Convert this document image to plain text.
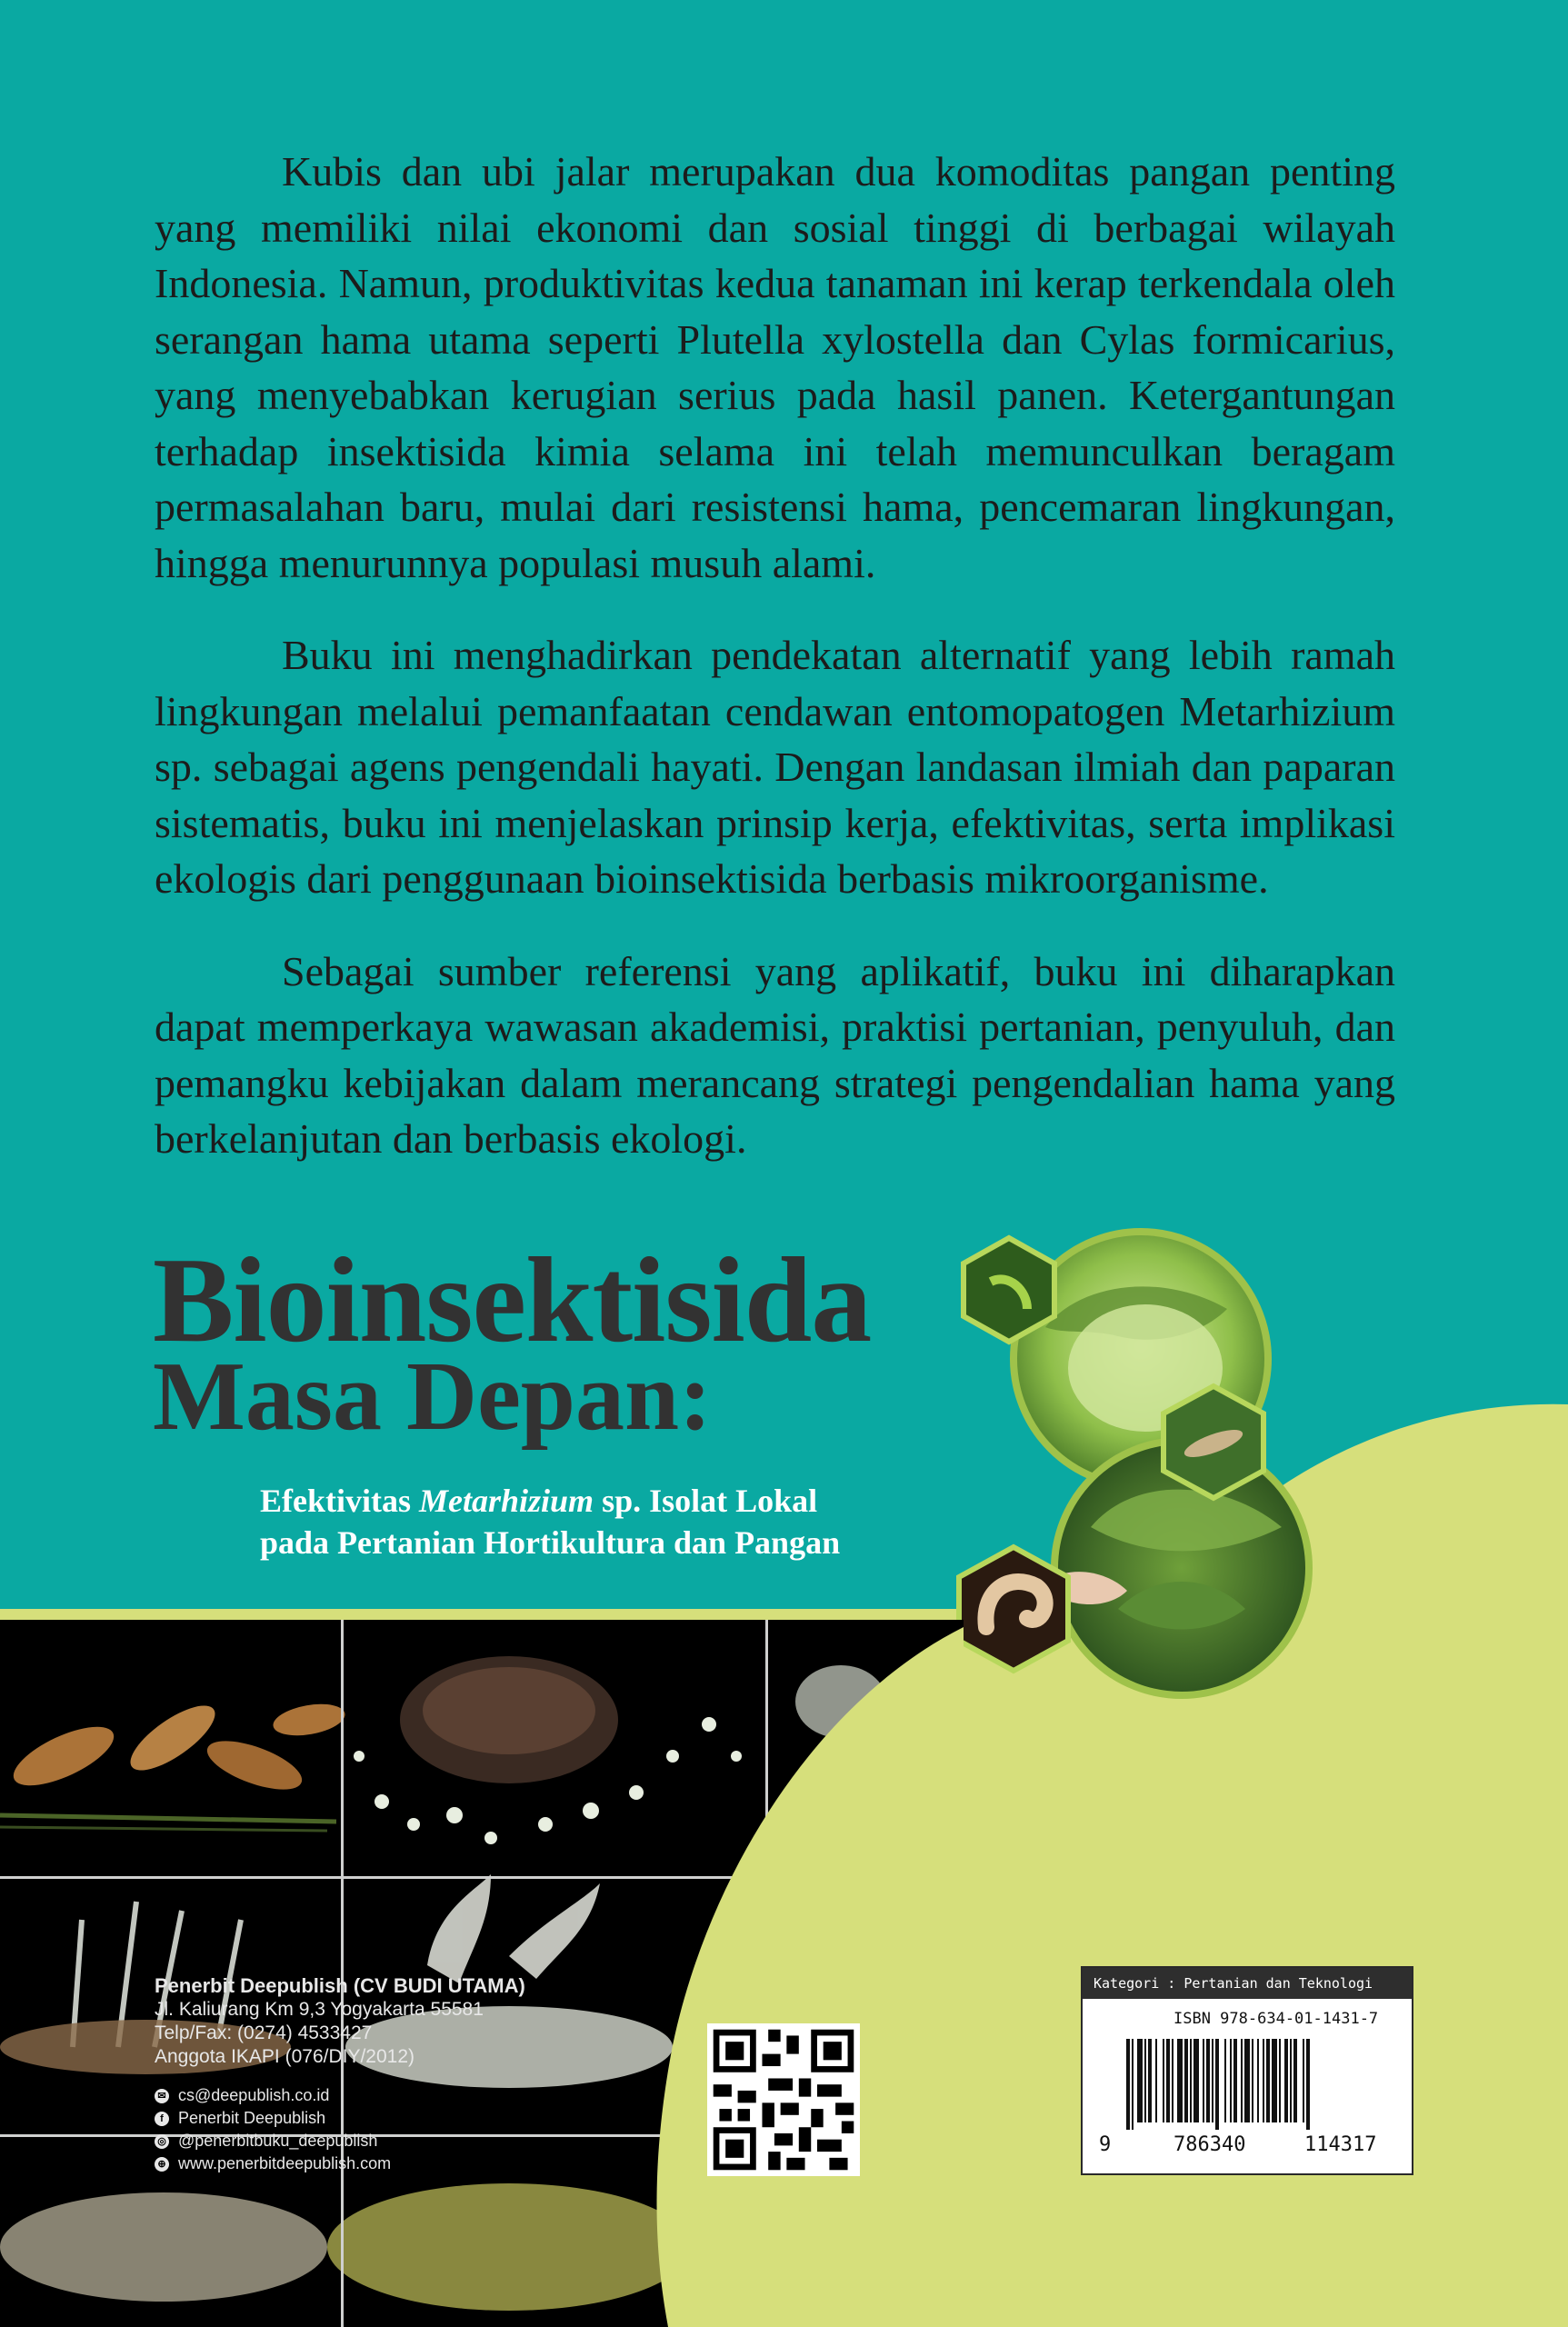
Kubis dan ubi jalar merupakan dua komoditas pangan penting yang memiliki nilai ekonomi dan sosial tinggi di berbagai wilayah Indonesia. Namun, produktivitas kedua tanaman ini kerap terkendala oleh serangan hama utama seperti Plutella xylostella dan Cylas formicarius, yang menyebabkan kerugian serius pada hasil panen. Ketergantungan terhadap insektisida kimia selama ini telah memunculkan beragam permasalahan baru, mulai dari resistensi hama, pencemaran lingkungan, hingga menurunnya populasi musuh alami.

Buku ini menghadirkan pendekatan alternatif yang lebih ramah lingkungan melalui pemanfaatan cendawan entomopatogen Metarhizium sp. sebagai agens pengendali hayati. Dengan landasan ilmiah dan paparan sistematis, buku ini menjelaskan prinsip kerja, efektivitas, serta implikasi ekologis dari penggunaan bioinsektisida berbasis mikroorganisme.

Sebagai sumber referensi yang aplikatif, buku ini diharapkan dapat memperkaya wawasan akademisi, praktisi pertanian, penyuluh, dan pemangku kebijakan dalam merancang strategi pengendalian hama yang berkelanjutan dan berbasis ekologi.

Bioinsektisida
Masa Depan:
Efektivitas Metarhizium sp. Isolat Lokal
pada Pertanian Hortikultura dan Pangan
Penerbit Deepublish (CV BUDI UTAMA)
Jl. Kaliurang Km 9,3 Yogyakarta 55581
Telp/Fax: (0274) 4533427
Anggota IKAPI (076/DIY/2012)
✉ cs@deepublish.co.id
f Penerbit Deepublish
◎ @penerbitbuku_deepublish
⊕ www.penerbitdeepublish.com
Kategori : Pertanian dan Teknologi
ISBN 978-634-01-1431-7
9	786340	114317
